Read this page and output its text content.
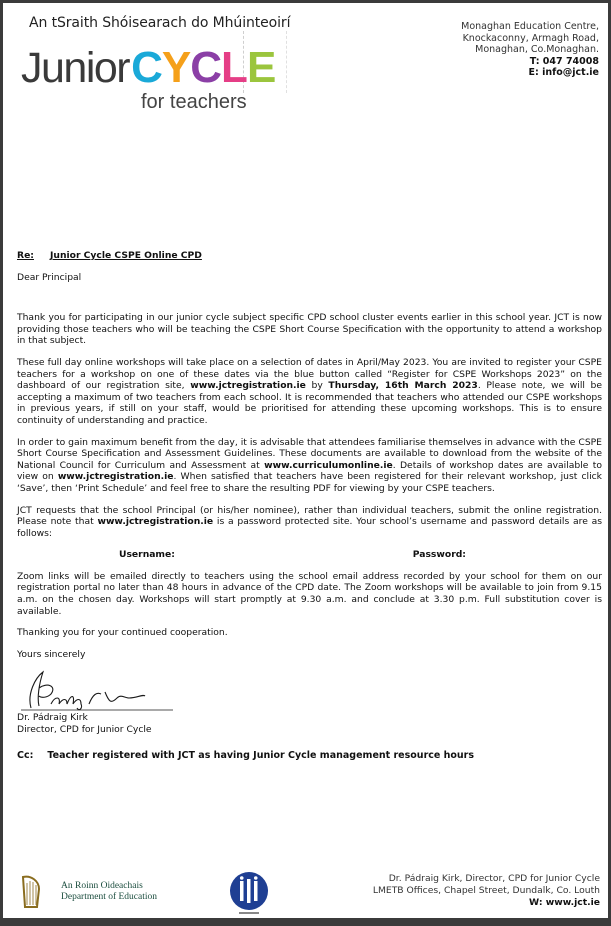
An tSraith Shóisearach do Mhúinteoirí
JuniorCYCLE
for teachers
Monaghan Education Centre,
Knockaconny, Armagh Road,
Monaghan, Co.Monaghan.
T: 047 74008
E: info@jct.ie
Re: Junior Cycle CSPE Online CPD

Dear Principal

Thank you for participating in our junior cycle subject specific CPD school cluster events earlier in this school year. JCT is now providing those teachers who will be teaching the CSPE Short Course Specification with the opportunity to attend a workshop in that subject.

These full day online workshops will take place on a selection of dates in April/May 2023. You are invited to register your CSPE teachers for a workshop on one of these dates via the blue button called “Register for CSPE Workshops 2023” on the dashboard of our registration site, www.jctregistration.ie by Thursday, 16th March 2023. Please note, we will be accepting a maximum of two teachers from each school. It is recommended that teachers who attended our CSPE workshops in previous years, if still on your staff, would be prioritised for attending these upcoming workshops. This is to ensure continuity of understanding and practice.

In order to gain maximum benefit from the day, it is advisable that attendees familiarise themselves in advance with the CSPE Short Course Specification and Assessment Guidelines. These documents are available to download from the website of the National Council for Curriculum and Assessment at www.curriculumonline.ie. Details of workshop dates are available to view on www.jctregistration.ie. When satisfied that teachers have been registered for their relevant workshop, just click ‘Save’, then ‘Print Schedule’ and feel free to share the resulting PDF for viewing by your CSPE teachers.

JCT requests that the school Principal (or his/her nominee), rather than individual teachers, submit the online registration. Please note that www.jctregistration.ie is a password protected site. Your school’s username and password details are as follows:

Username:	Password:

Zoom links will be emailed directly to teachers using the school email address recorded by your school for them on our registration portal no later than 48 hours in advance of the CPD date. The Zoom workshops will be available to join from 9.15 a.m. on the chosen day. Workshops will start promptly at 9.30 a.m. and conclude at 3.30 p.m. Full substitution cover is available.

Thanking you for your continued cooperation.

Yours sincerely

Dr. Pádraig Kirk
Director, CPD for Junior Cycle
Cc: Teacher registered with JCT as having Junior Cycle management resource hours
An Roinn Oideachais
Department of Education
Dr. Pádraig Kirk, Director, CPD for Junior Cycle
LMETB Offices, Chapel Street, Dundalk, Co. Louth
W: www.jct.ie
